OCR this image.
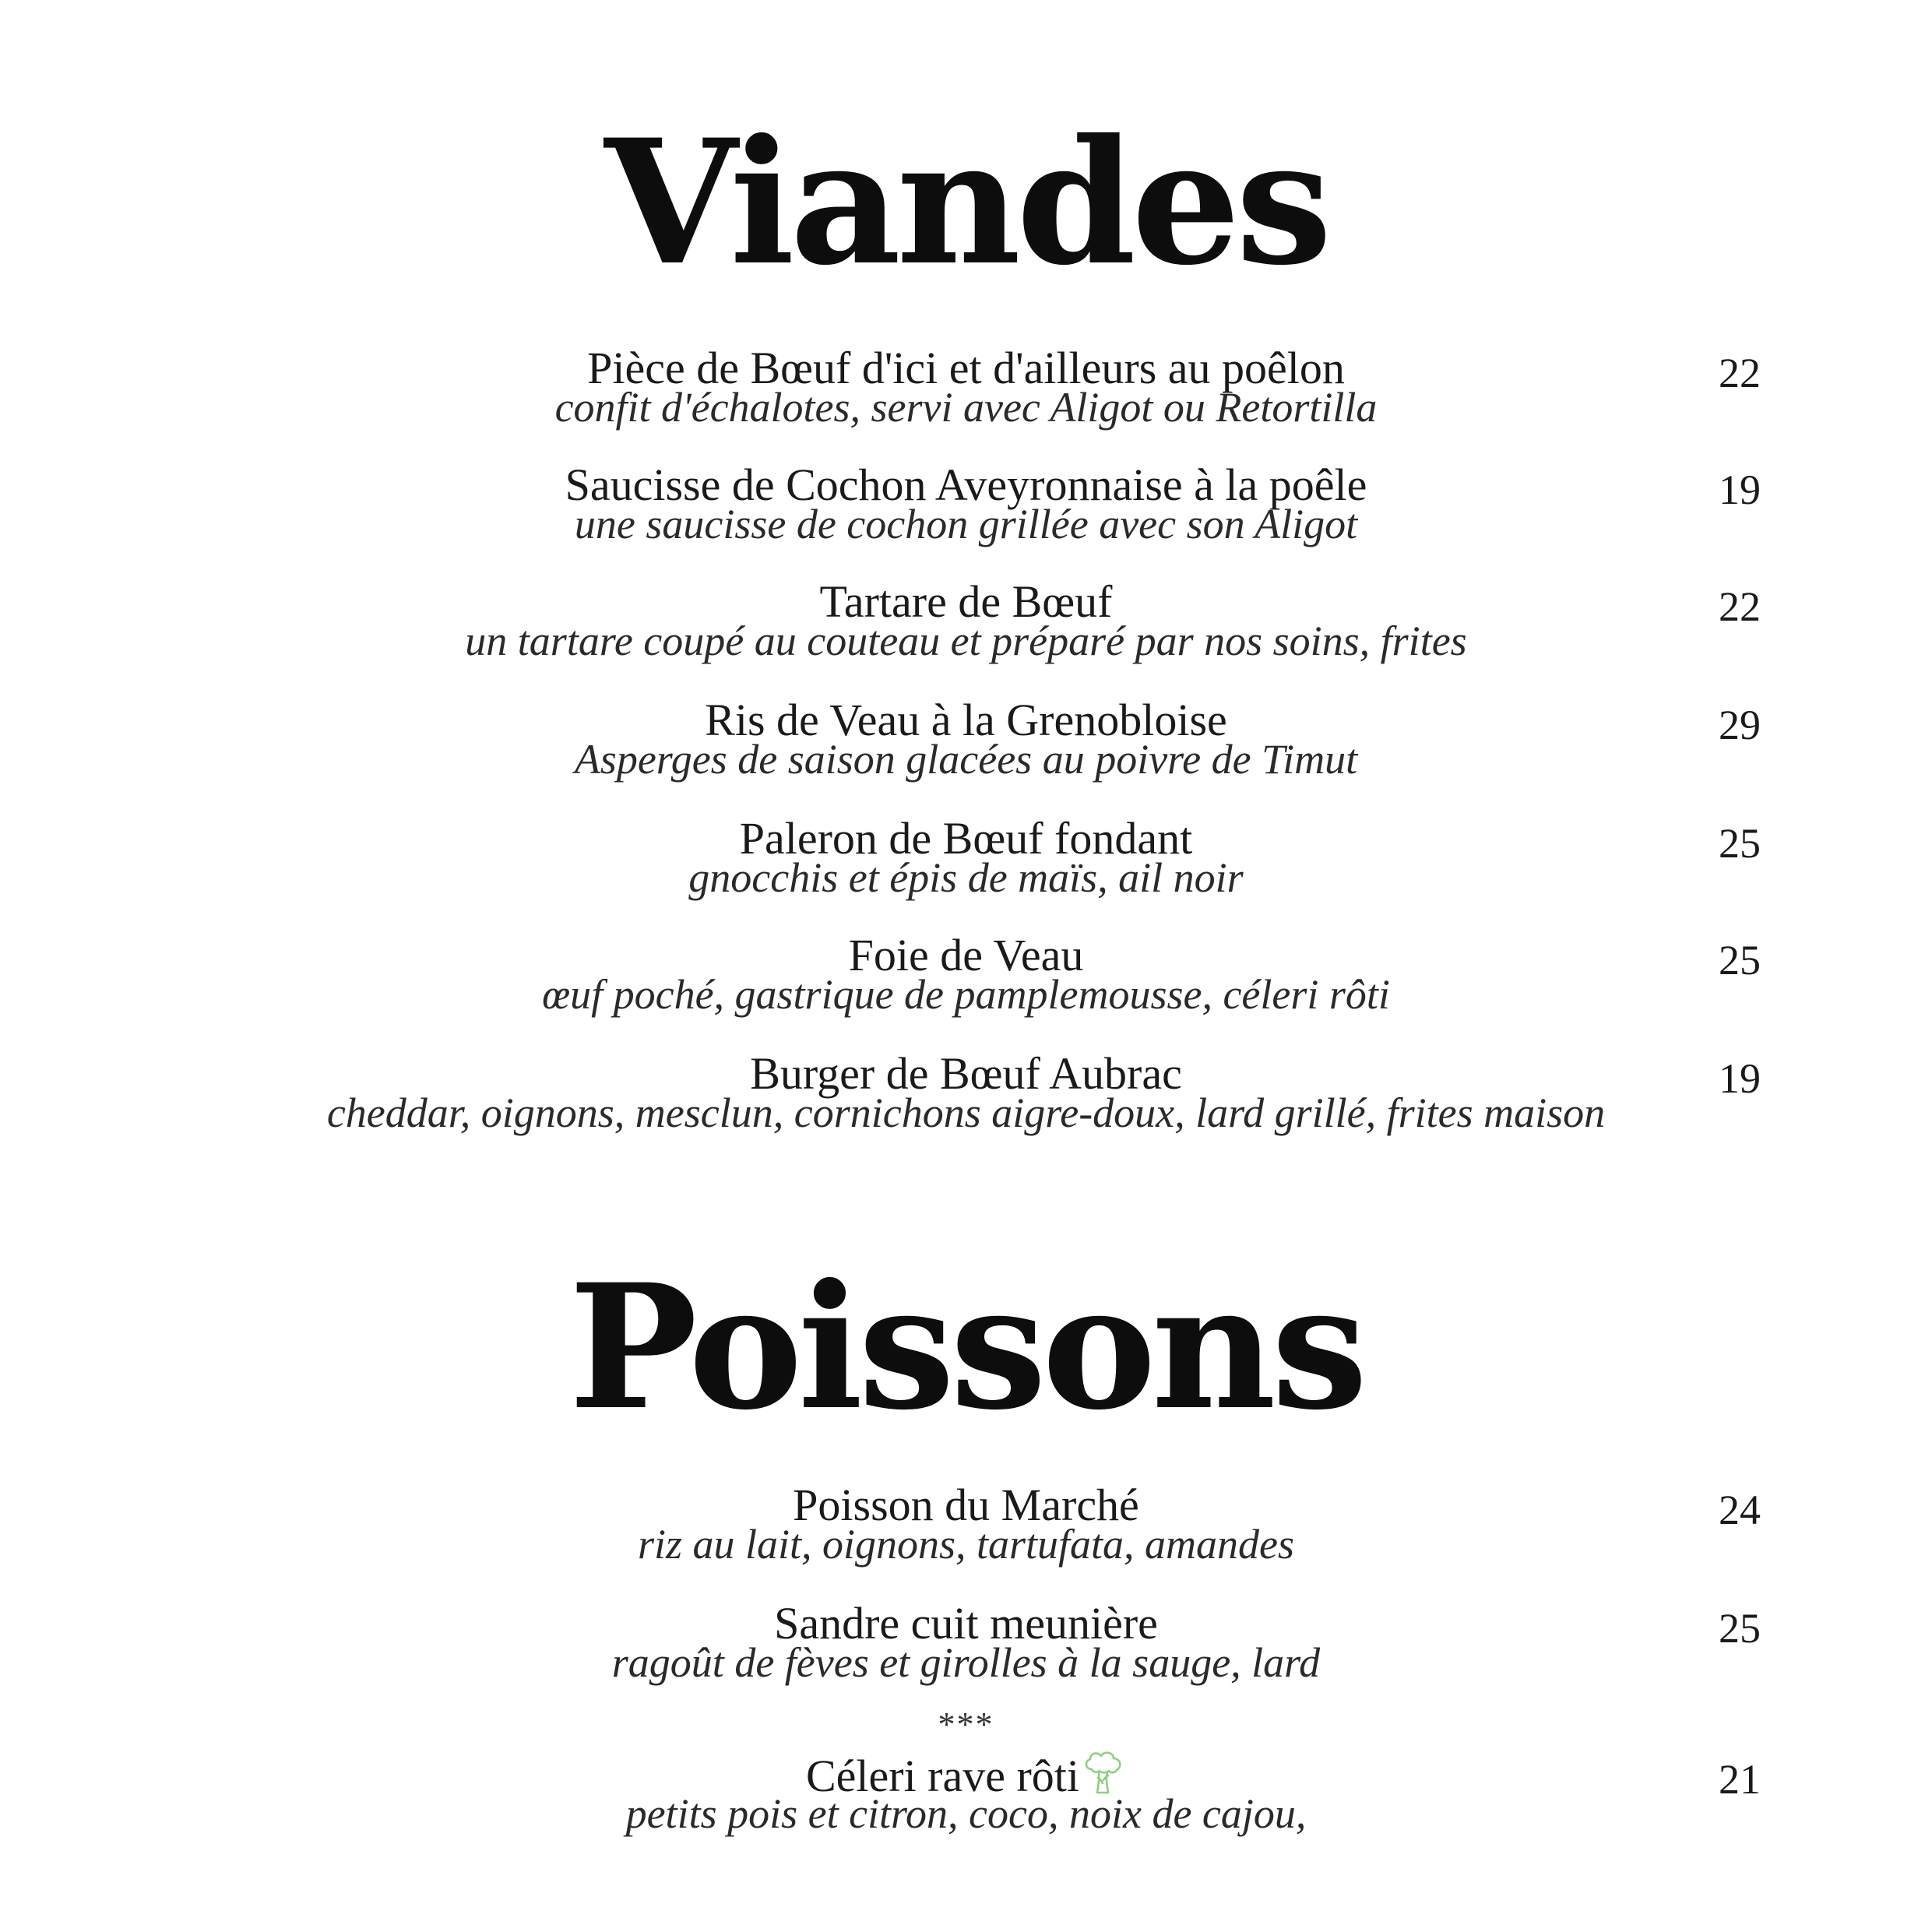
Viandes
Pièce de Bœuf d'ici et d'ailleurs au poêlon
confit d'échalotes, servi avec Aligot ou Retortilla
22
Saucisse de Cochon Aveyronnaise à la poêle
une saucisse de cochon grillée avec son Aligot
19
Tartare de Bœuf
un tartare coupé au couteau et préparé par nos soins, frites
22
Ris de Veau à la Grenobloise
Asperges de saison glacées au poivre de Timut
29
Paleron de Bœuf fondant
gnocchis et épis de maïs, ail noir
25
Foie de Veau
œuf poché, gastrique de pamplemousse, céleri rôti
25
Burger de Bœuf Aubrac
cheddar, oignons, mesclun, cornichons aigre-doux, lard grillé, frites maison
19
Poissons
Poisson du Marché
riz au lait, oignons, tartufata, amandes
24
Sandre cuit meunière
ragoût de fèves et girolles à la sauge, lard
25
***
Céleri rave rôti
petits pois et citron, coco, noix de cajou,
21
